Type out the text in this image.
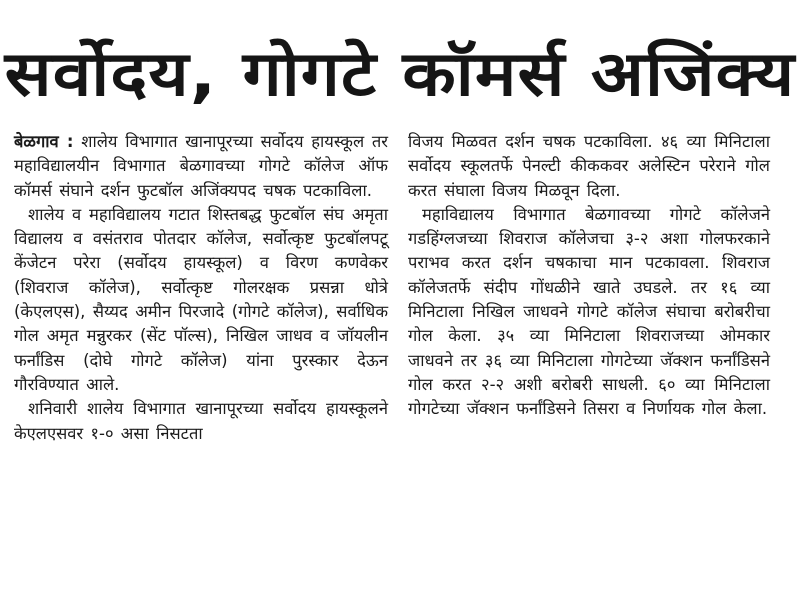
सर्वोदय, गोगटे कॉमर्स अजिंक्य

बेळगाव : शालेय विभागात खानापूरच्या सर्वोदय हायस्कूल तर महाविद्यालयीन विभागात बेळगावच्या गोगटे कॉलेज ऑफ कॉमर्स संघाने दर्शन फुटबॉल अजिंक्यपद चषक पटकाविला.

शालेय व महाविद्यालय गटात शिस्तबद्ध फुटबॉल संघ अमृता विद्यालय व वसंतराव पोतदार कॉलेज, सर्वोत्कृष्ट फुटबॉलपटू केंजेटन परेरा (सर्वोदय हायस्कूल) व विरण कणवेकर (शिवराज कॉलेज), सर्वोत्कृष्ट गोलरक्षक प्रसन्ना धोत्रे (केएलएस), सैय्यद अमीन पिरजादे (गोगटे कॉलेज), सर्वाधिक गोल अमृत मन्नुरकर (सेंट पॉल्स), निखिल जाधव व जॉयलीन फर्नांडिस (दोघे गोगटे कॉलेज) यांना पुरस्कार देऊन गौरविण्यात आले.

शनिवारी शालेय विभागात खानापूरच्या सर्वोदय हायस्कूलने केएलएसवर १-० असा निसटता

विजय मिळवत दर्शन चषक पटकाविला. ४६ व्या मिनिटाला सर्वोदय स्कूलतर्फे पेनल्टी कीककवर अलेस्टिन परेराने गोल करत संघाला विजय मिळवून दिला.

महाविद्यालय विभागात बेळगावच्या गोगटे कॉलेजने गडहिंग्लजच्या शिवराज कॉलेजचा ३-२ अशा गोलफरकाने पराभव करत दर्शन चषकाचा मान पटकावला. शिवराज कॉलेजतर्फे संदीप गोंधळीने खाते उघडले. तर १६ व्या मिनिटाला निखिल जाधवने गोगटे कॉलेज संघाचा बरोबरीचा गोल केला. ३५ व्या मिनिटाला शिवराजच्या ओमकार जाधवने तर ३६ व्या मिनिटाला गोगटेच्या जॅक्शन फर्नांडिसने गोल करत २-२ अशी बरोबरी साधली. ६० व्या मिनिटाला गोगटेच्या जॅक्शन फर्नांडिसने तिसरा व निर्णायक गोल केला.
